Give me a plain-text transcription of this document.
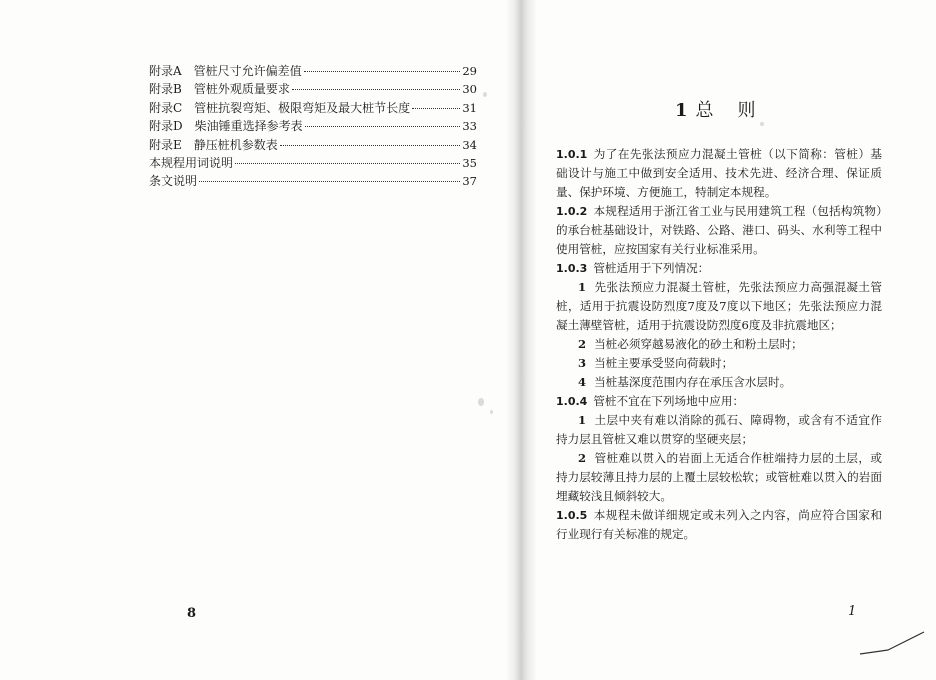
附录A　管桩尺寸允许偏差值	29
附录B　管桩外观质量要求	30
附录C　管桩抗裂弯矩、极限弯矩及最大桩节长度	31
附录D　柴油锤重选择参考表	33
附录E　静压桩机参数表	34
本规程用词说明	35
条文说明	37
8
1 总 则

1.0.1 为了在先张法预应力混凝土管桩（以下简称：管桩）基础设计与施工中做到安全适用、技术先进、经济合理、保证质量、保护环境、方便施工，特制定本规程。

1.0.2 本规程适用于浙江省工业与民用建筑工程（包括构筑物）的承台桩基础设计，对铁路、公路、港口、码头、水利等工程中使用管桩，应按国家有关行业标准采用。

1.0.3 管桩适用于下列情况：

1 先张法预应力混凝土管桩，先张法预应力高强混凝土管桩，适用于抗震设防烈度7度及7度以下地区；先张法预应力混凝土薄壁管桩，适用于抗震设防烈度6度及非抗震地区；

2 当桩必须穿越易液化的砂土和粉土层时；

3 当桩主要承受竖向荷载时；

4 当桩基深度范围内存在承压含水层时。

1.0.4 管桩不宜在下列场地中应用：

1 土层中夹有难以消除的孤石、障碍物，或含有不适宜作持力层且管桩又难以贯穿的坚硬夹层；

2 管桩难以贯入的岩面上无适合作桩端持力层的土层，或持力层较薄且持力层的上覆土层较松软；或管桩难以贯入的岩面埋藏较浅且倾斜较大。

1.0.5 本规程未做详细规定或未列入之内容，尚应符合国家和行业现行有关标准的规定。

1
